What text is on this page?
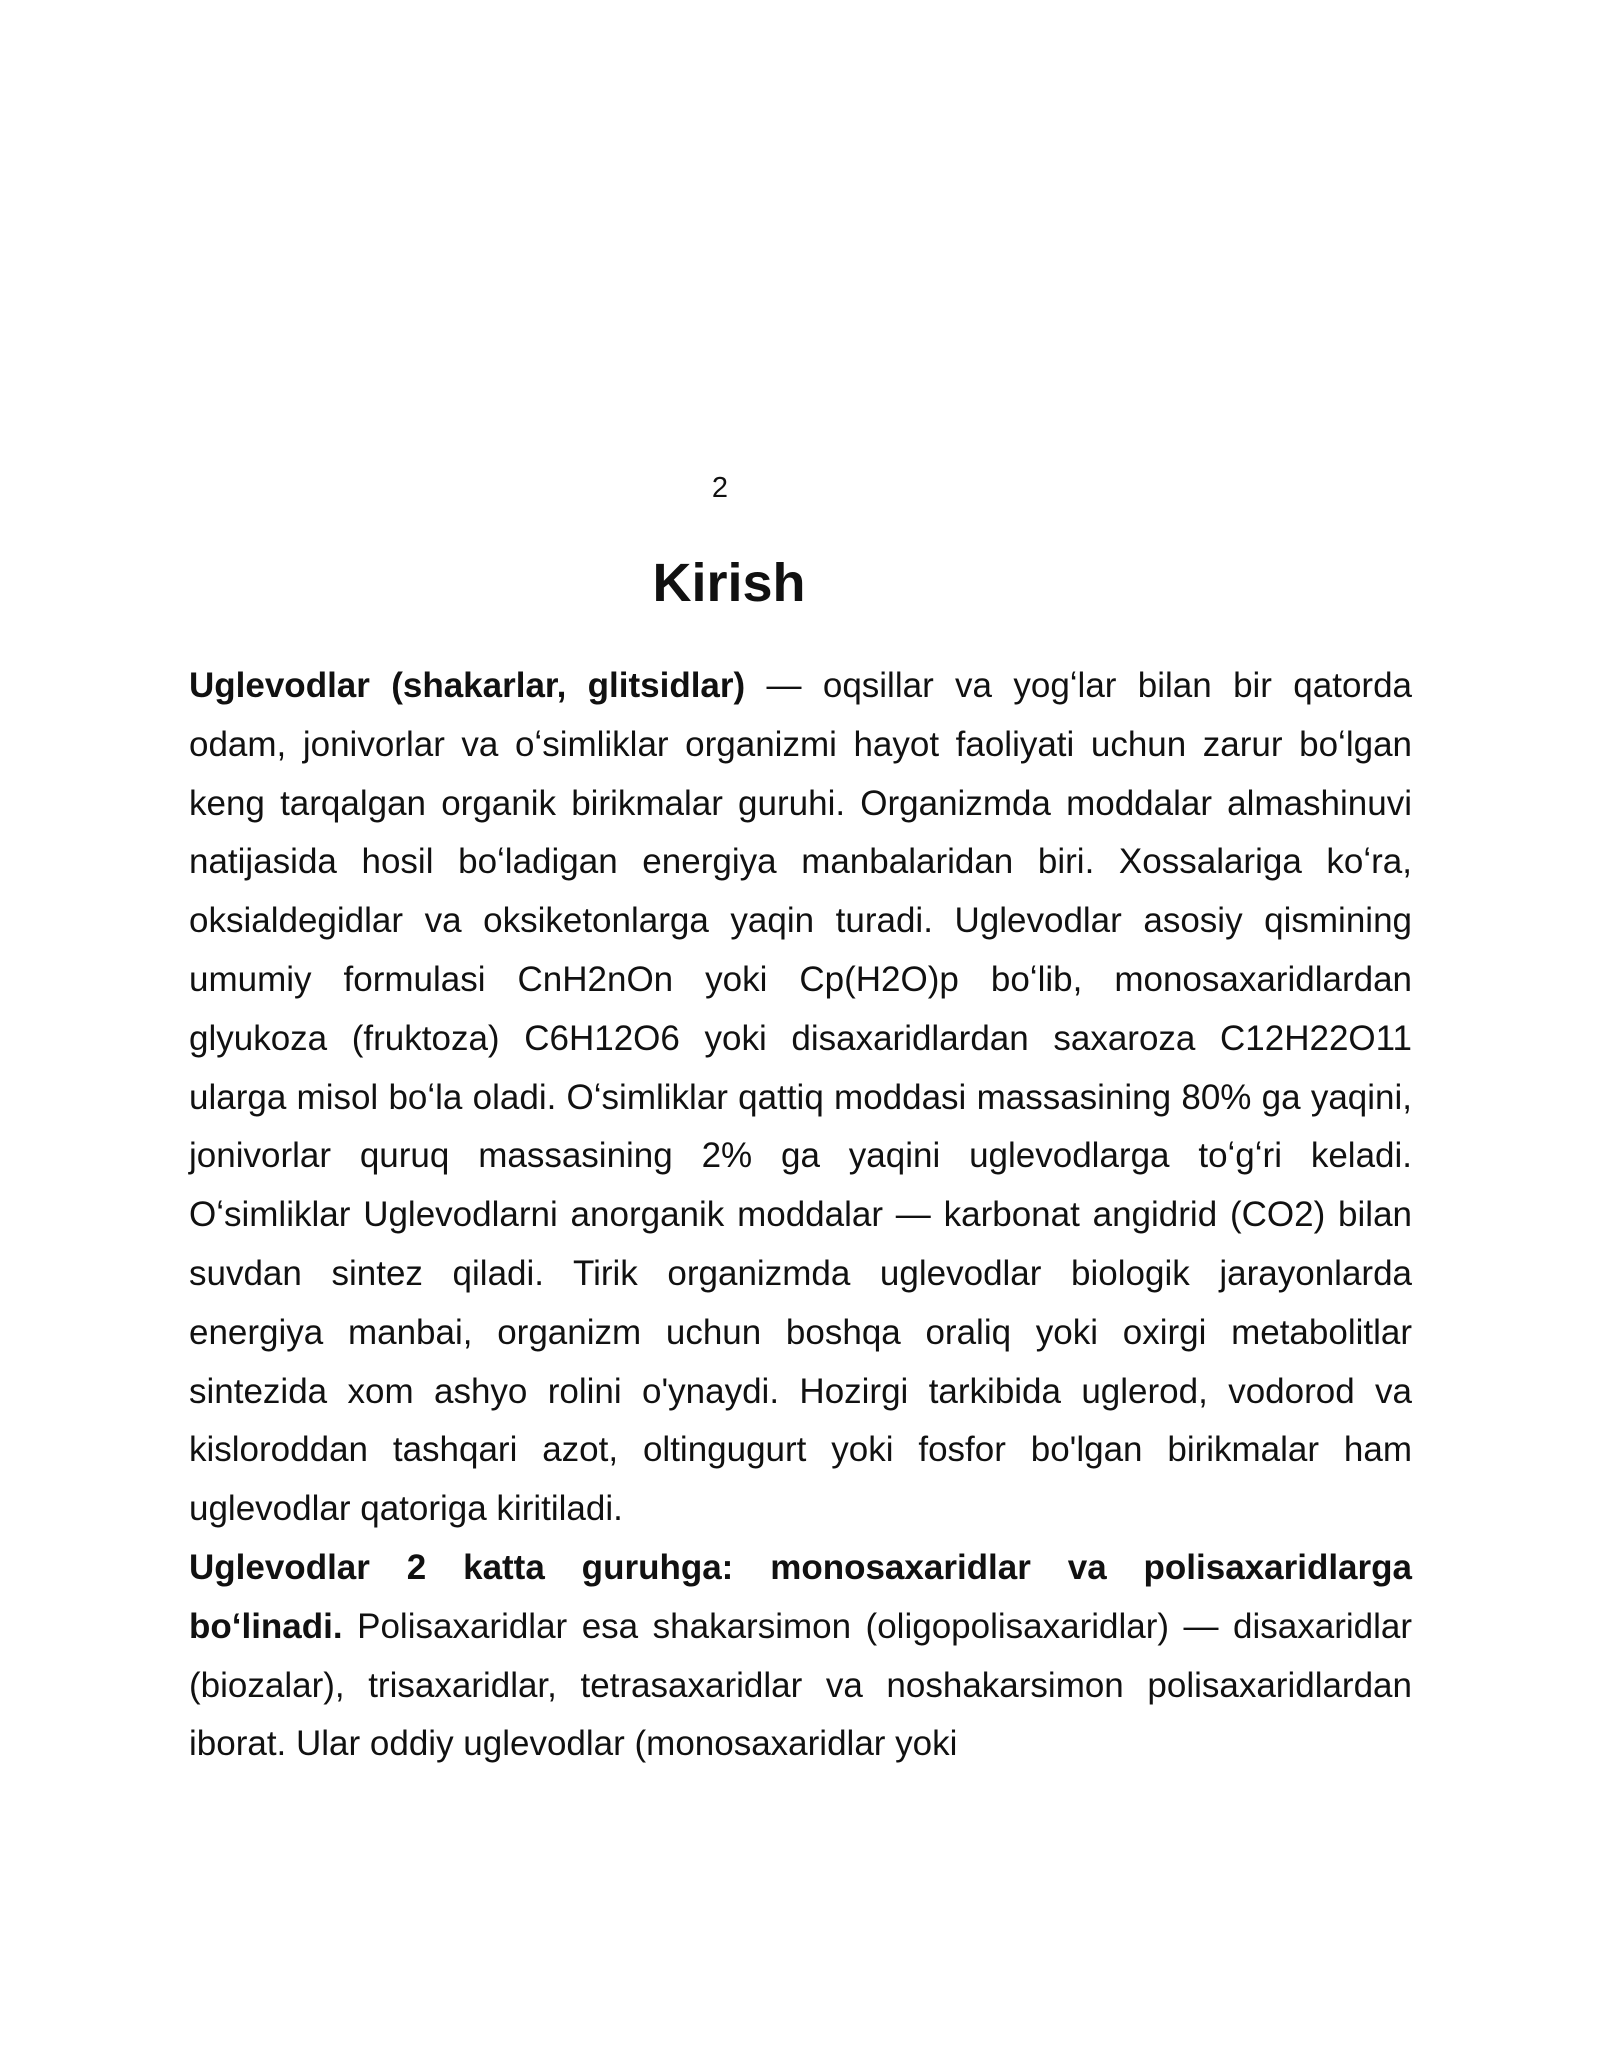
2
Kirish

Uglevodlar (shakarlar, glitsidlar) — oqsillar va yogʻlar bilan bir qatorda odam, jonivorlar va oʻsimliklar organizmi hayot faoliyati uchun zarur boʻlgan keng tarqalgan organik birikmalar guruhi. Organizmda moddalar almashinuvi natijasida hosil boʻladigan energiya manbalaridan biri. Xossalariga koʻra, oksialdegidlar va oksiketonlarga yaqin turadi. Uglevodlar asosiy qismining umumiy formulasi CnH2nOn yoki Cp(H2O)p boʻlib, monosaxaridlardan glyukoza (fruktoza) C6H12O6 yoki disaxaridlardan saxaroza C12H22O11 ularga misol boʻla oladi. Oʻsimliklar qattiq moddasi massasining 80% ga yaqini, jonivorlar quruq massasining 2% ga yaqini uglevodlarga toʻgʻri keladi. Oʻsimliklar Uglevodlarni anorganik moddalar — karbonat angidrid (CO2) bilan suvdan sintez qiladi. Tirik organizmda uglevodlar biologik jarayonlarda energiya manbai, organizm uchun boshqa oraliq yoki oxirgi metabolitlar sintezida xom ashyo rolini o'ynaydi. Hozirgi tarkibida uglerod, vodorod va kisloroddan tashqari azot, oltingugurt yoki fosfor bo'lgan birikmalar ham uglevodlar qatoriga kiritiladi.
Uglevodlar 2 katta guruhga: monosaxaridlar va polisaxaridlarga boʻlinadi. Polisaxaridlar esa shakarsimon (oligopolisaxaridlar) — disaxaridlar (biozalar), trisaxaridlar, tetrasaxaridlar va noshakarsimon polisaxaridlardan iborat. Ular oddiy uglevodlar (monosaxaridlar yoki
